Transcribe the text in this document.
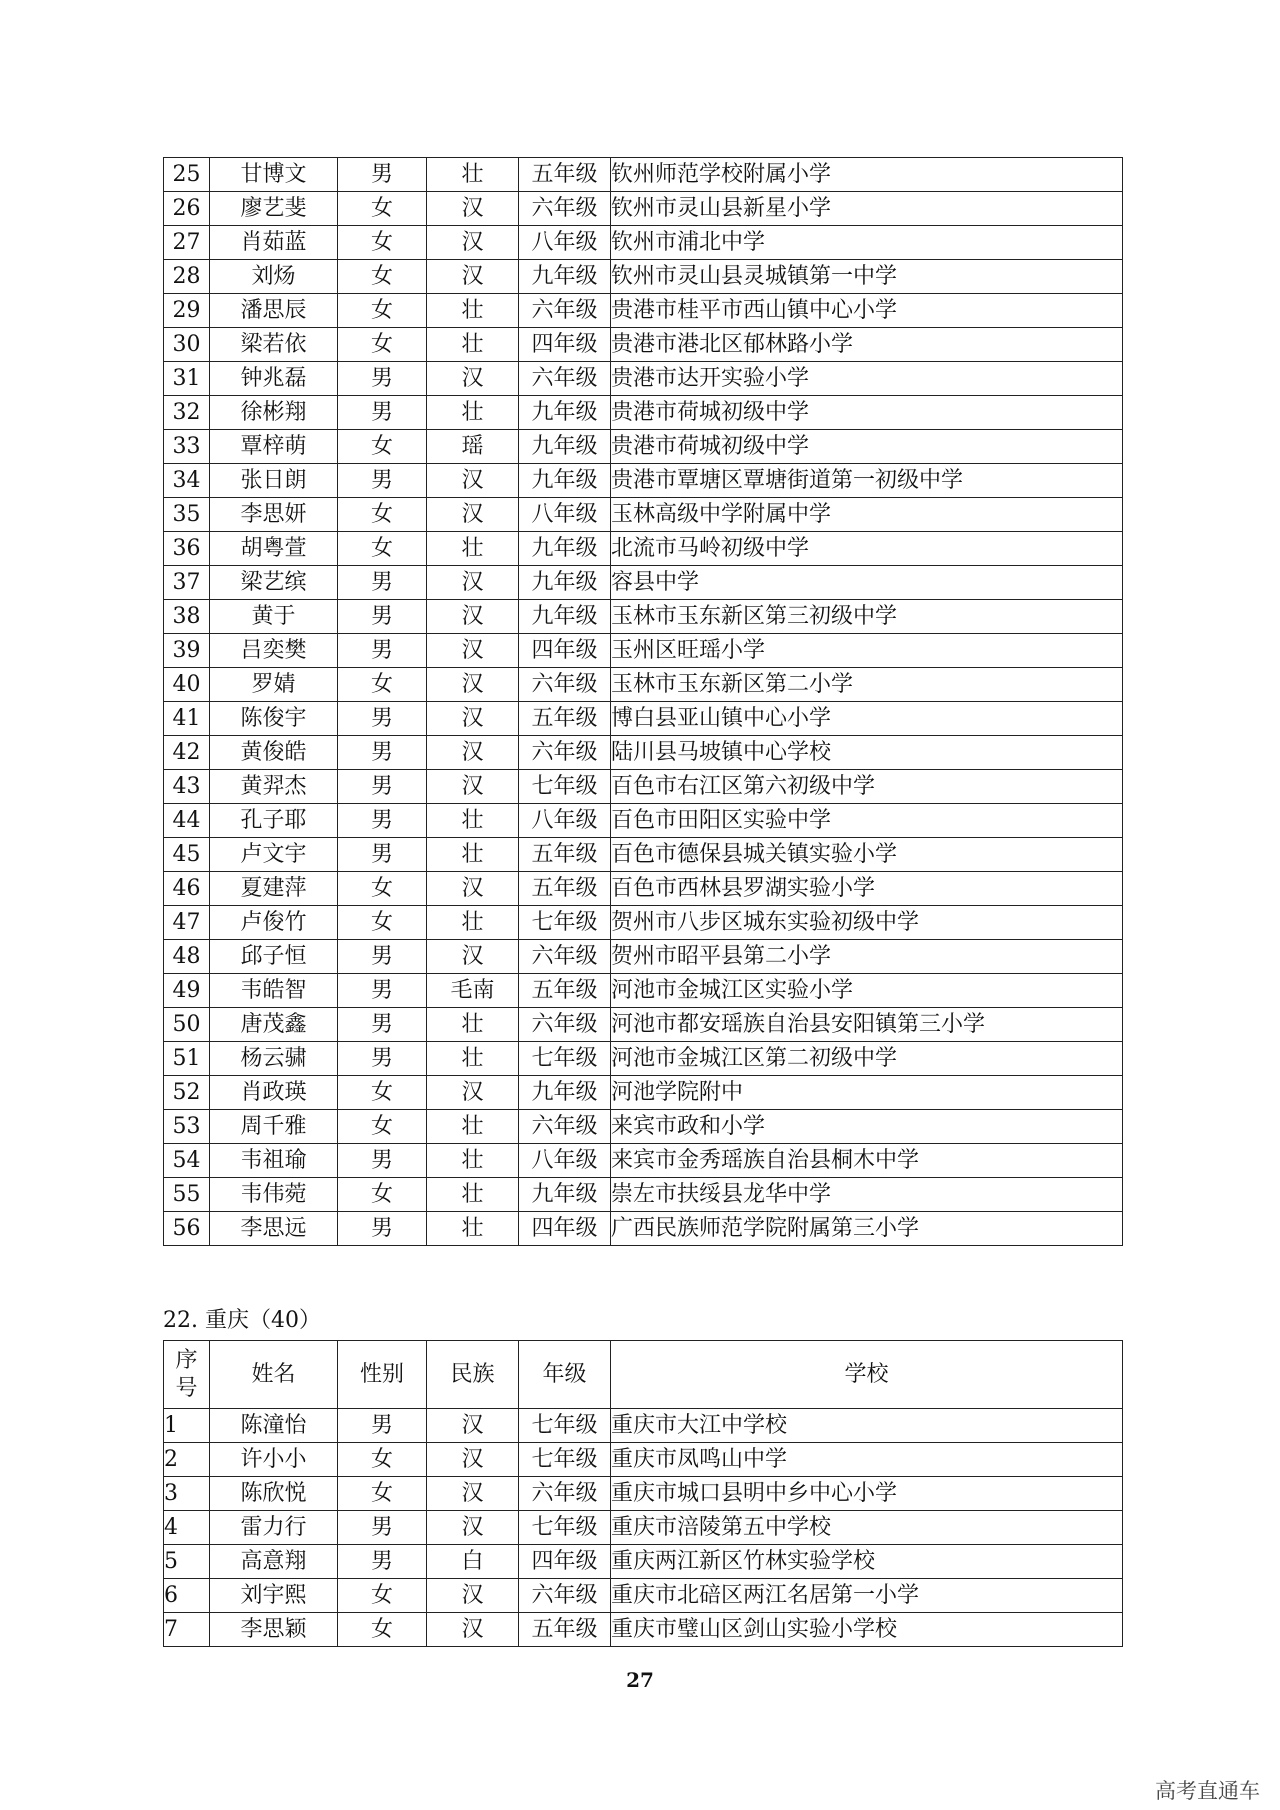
25	甘博文	男	壮	五年级	钦州师范学校附属小学
26	廖艺斐	女	汉	六年级	钦州市灵山县新星小学
27	肖茹蓝	女	汉	八年级	钦州市浦北中学
28	刘炀	女	汉	九年级	钦州市灵山县灵城镇第一中学
29	潘思辰	女	壮	六年级	贵港市桂平市西山镇中心小学
30	梁若依	女	壮	四年级	贵港市港北区郁林路小学
31	钟兆磊	男	汉	六年级	贵港市达开实验小学
32	徐彬翔	男	壮	九年级	贵港市荷城初级中学
33	覃梓萌	女	瑶	九年级	贵港市荷城初级中学
34	张日朗	男	汉	九年级	贵港市覃塘区覃塘街道第一初级中学
35	李思妍	女	汉	八年级	玉林高级中学附属中学
36	胡粤萱	女	壮	九年级	北流市马岭初级中学
37	梁艺缤	男	汉	九年级	容县中学
38	黄于	男	汉	九年级	玉林市玉东新区第三初级中学
39	吕奕樊	男	汉	四年级	玉州区旺瑶小学
40	罗婧	女	汉	六年级	玉林市玉东新区第二小学
41	陈俊宇	男	汉	五年级	博白县亚山镇中心小学
42	黄俊皓	男	汉	六年级	陆川县马坡镇中心学校
43	黄羿杰	男	汉	七年级	百色市右江区第六初级中学
44	孔子耶	男	壮	八年级	百色市田阳区实验中学
45	卢文宇	男	壮	五年级	百色市德保县城关镇实验小学
46	夏建萍	女	汉	五年级	百色市西林县罗湖实验小学
47	卢俊竹	女	壮	七年级	贺州市八步区城东实验初级中学
48	邱子恒	男	汉	六年级	贺州市昭平县第二小学
49	韦皓智	男	毛南	五年级	河池市金城江区实验小学
50	唐茂鑫	男	壮	六年级	河池市都安瑶族自治县安阳镇第三小学
51	杨云骕	男	壮	七年级	河池市金城江区第二初级中学
52	肖政瑛	女	汉	九年级	河池学院附中
53	周千雅	女	壮	六年级	来宾市政和小学
54	韦祖瑜	男	壮	八年级	来宾市金秀瑶族自治县桐木中学
55	韦伟菀	女	壮	九年级	崇左市扶绥县龙华中学
56	李思远	男	壮	四年级	广西民族师范学院附属第三小学
22. 重庆（40）
序
号	姓名	性别	民族	年级	学校
1	陈潼怡	男	汉	七年级	重庆市大江中学校
2	许小小	女	汉	七年级	重庆市凤鸣山中学
3	陈欣悦	女	汉	六年级	重庆市城口县明中乡中心小学
4	雷力行	男	汉	七年级	重庆市涪陵第五中学校
5	高意翔	男	白	四年级	重庆两江新区竹林实验学校
6	刘宇熙	女	汉	六年级	重庆市北碚区两江名居第一小学
7	李思颖	女	汉	五年级	重庆市璧山区剑山实验小学校
27
高考直通车
